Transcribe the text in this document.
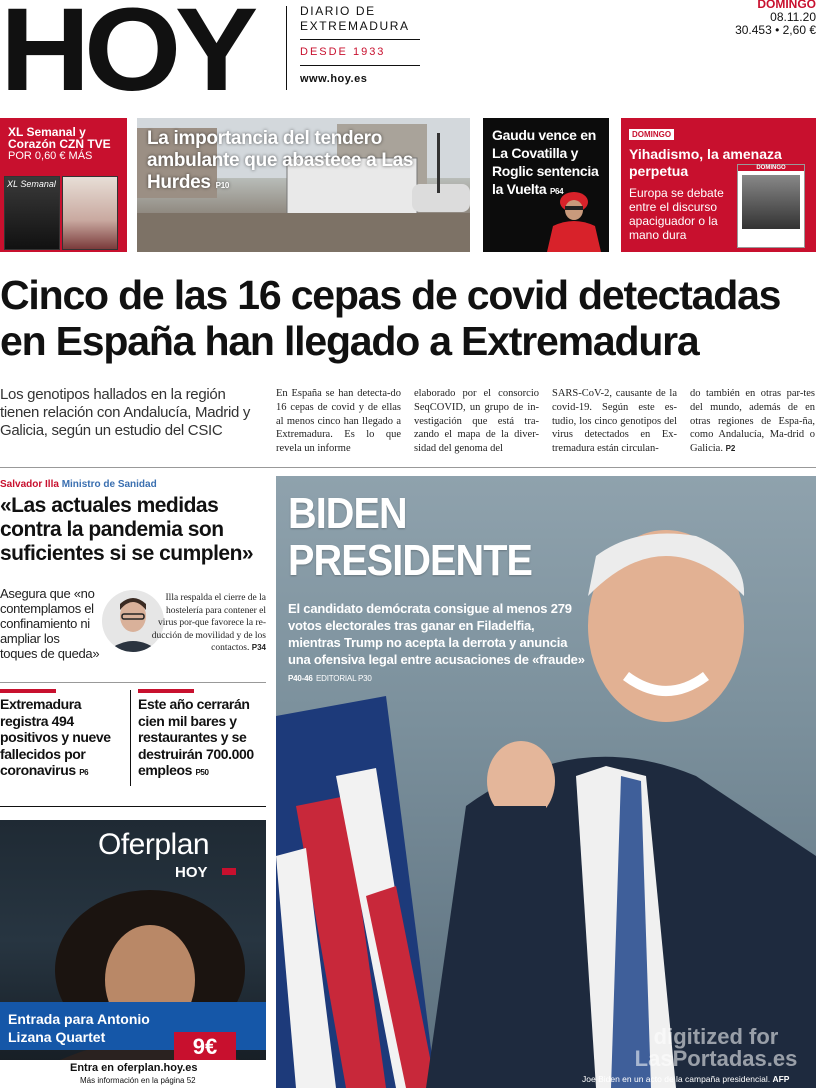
HOY	DIARIO DE EXTREMADURA
DESDE 1933
www.hoy.es
DOMINGO
08.11.20
30.453 • 2,60 €
XL Semanal y Corazón CZN TVE
POR 0,60 € MÁS
XL Semanal
La importancia del tendero ambulante que abastece a Las Hurdes P10
Gaudu vence en La Covatilla y Roglic sentencia la Vuelta P64
DOMINGO
Yihadismo, la amenaza perpetua
Europa se debate entre el discurso apaciguador o la mano dura
DOMINGO
Cinco de las 16 cepas de covid detectadas en España han llegado a Extremadura
Los genotipos hallados en la región tienen relación con Andalucía, Madrid y Galicia, según un estudio del CSIC
En España se han detecta-do 16 cepas de covid y de ellas al menos cinco han llegado a Extremadura. Es lo que revela un informe
elaborado por el consorcio SeqCOVID, un grupo de in-vestigación que está tra-zando el mapa de la diver-sidad del genoma del
SARS-CoV-2, causante de la covid-19. Según este es-tudio, los cinco genotipos del virus detectados en Ex-tremadura están circulan-
do también en otras par-tes del mundo, además de en otras regiones de Espa-ña, como Andalucía, Ma-drid o Galicia. P2
Salvador Illa Ministro de Sanidad
«Las actuales medidas contra la pandemia son suficientes si se cumplen»
Asegura que «no contemplamos el confinamiento ni ampliar los toques de queda»
Illa respalda el cierre de la hostelería para contener el virus por-que favorece la re-ducción de movilidad y de los contactos. P34
Extremadura registra 494 positivos y nueve fallecidos por coronavirus P6
Este año cerrarán cien mil bares y restaurantes y se destruirán 700.000 empleos P50
Oferplan
HOY
Entrada para Antonio Lizana Quartet	9€
Entra en oferplan.hoy.es
Más información en la página 52
BIDEN
PRESIDENTE
El candidato demócrata consigue al menos 279 votos electorales tras ganar en Filadelfia, mientras Trump no acepta la derrota y anuncia una ofensiva legal entre acusaciones de «fraude» P40-46 EDITORIAL P30
digitized for
LasPortadas.es
Joe Biden en un acto de la campaña presidencial. AFP
